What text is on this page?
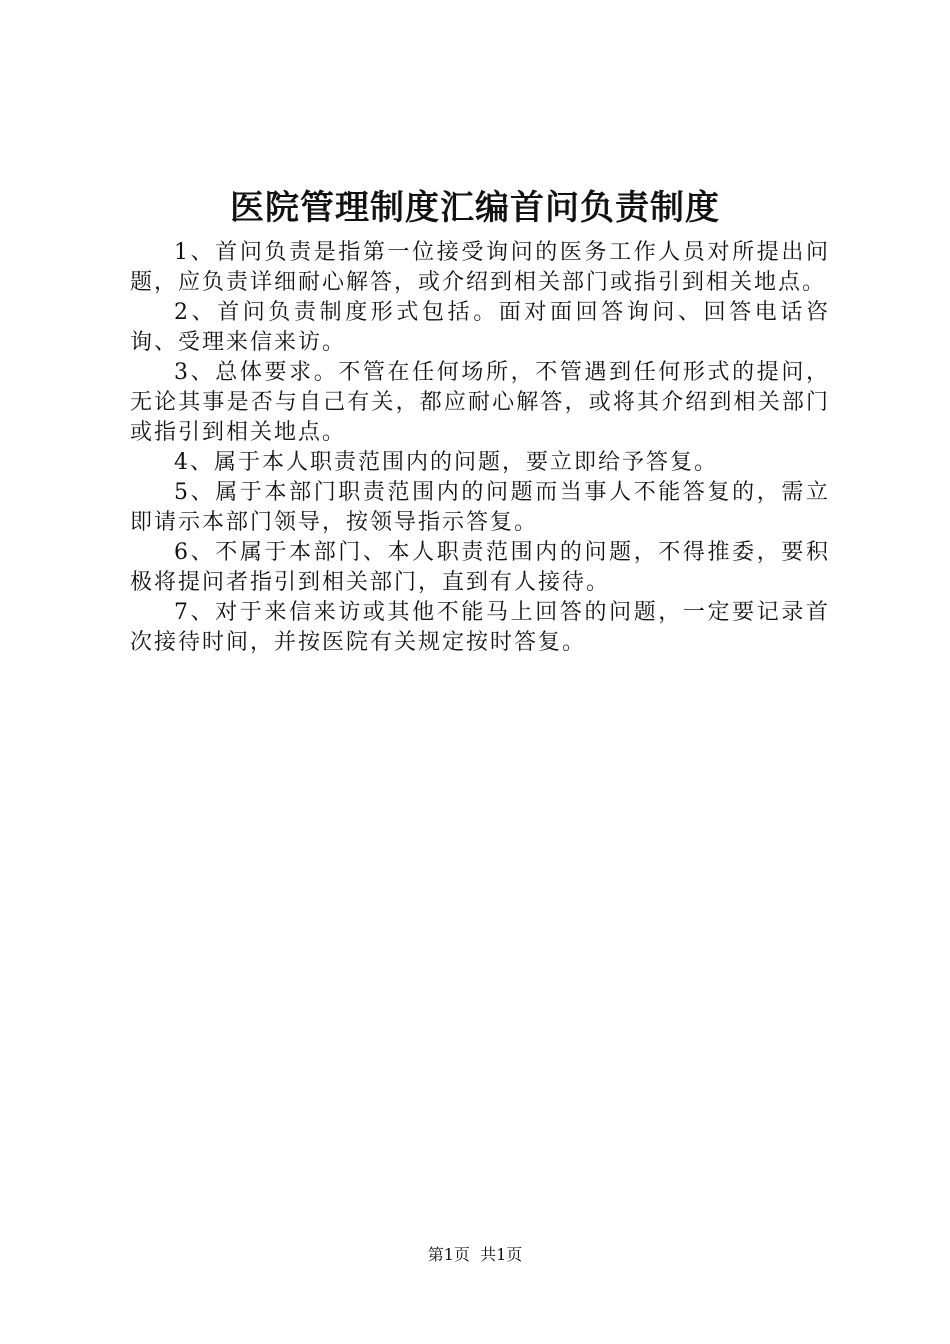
医院管理制度汇编首问负责制度

1、首问负责是指第一位接受询问的医务工作人员对所提出问题，应负责详细耐心解答，或介绍到相关部门或指引到相关地点。

2、首问负责制度形式包括。面对面回答询问、回答电话咨询、受理来信来访。

3、总体要求。不管在任何场所，不管遇到任何形式的提问，无论其事是否与自己有关，都应耐心解答，或将其介绍到相关部门或指引到相关地点。

4、属于本人职责范围内的问题，要立即给予答复。

5、属于本部门职责范围内的问题而当事人不能答复的，需立即请示本部门领导，按领导指示答复。

6、不属于本部门、本人职责范围内的问题，不得推委，要积极将提问者指引到相关部门，直到有人接待。

7、对于来信来访或其他不能马上回答的问题，一定要记录首次接待时间，并按医院有关规定按时答复。

第1页 共1页
